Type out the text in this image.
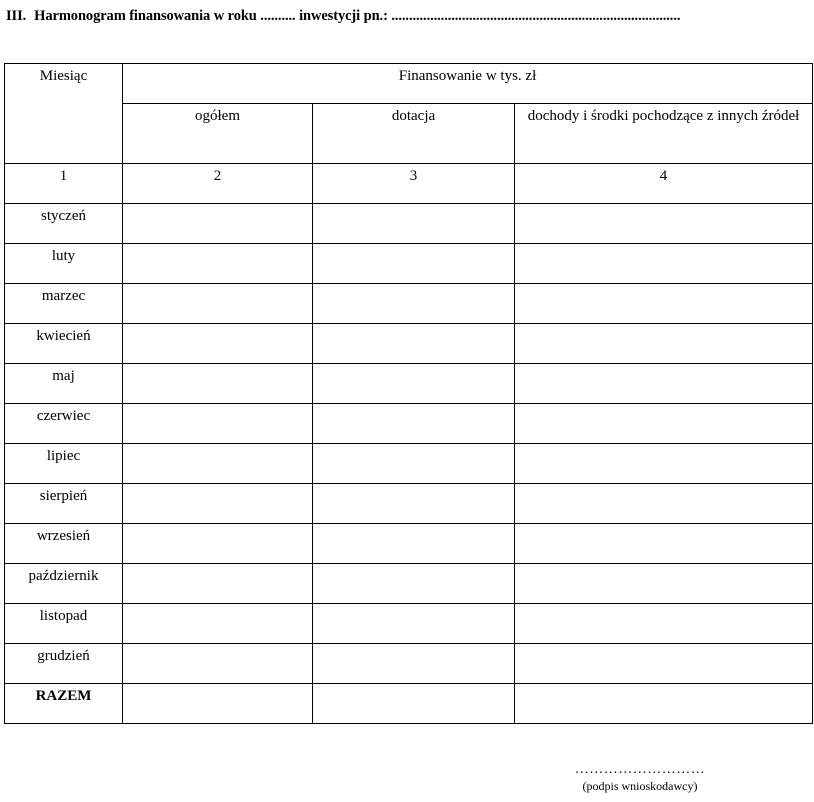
III. Harmonogram finansowania w roku .......... inwestycji pn.: ..................................................................................
Miesiąc	Finansowanie w tys. zł		
	ogółem	dotacja	dochody i środki pochodzące z innych źródeł
1	2	3	4
styczeń			
luty			
marzec			
kwiecień			
maj			
czerwiec			
lipiec			
sierpień			
wrzesień			
październik			
listopad			
grudzień			
RAZEM			
………………………
(podpis wnioskodawcy)
